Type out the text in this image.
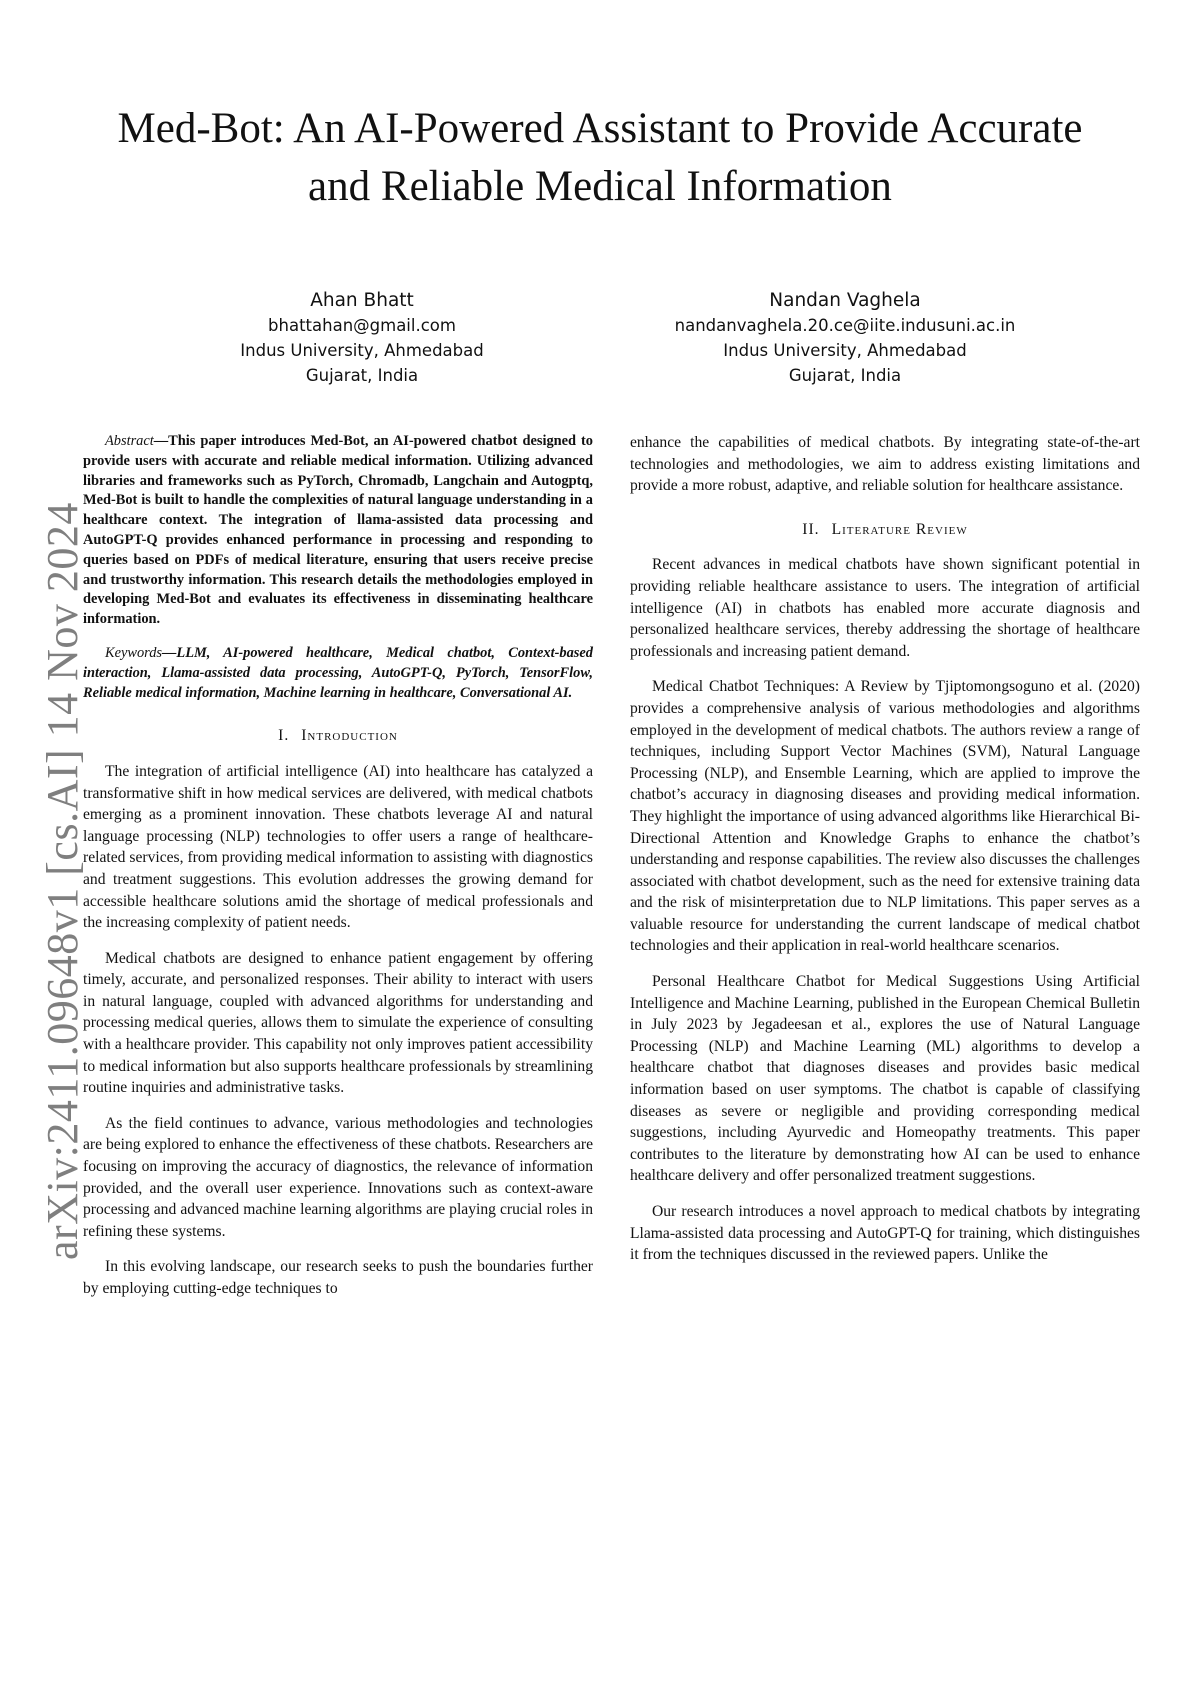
Med-Bot: An AI-Powered Assistant to Provide Accurate and Reliable Medical Information
Ahan Bhatt
bhattahan@gmail.com
Indus University, Ahmedabad
Gujarat, India
Nandan Vaghela
nandanvaghela.20.ce@iite.indusuni.ac.in
Indus University, Ahmedabad
Gujarat, India
arXiv:2411.09648v1 [cs.AI] 14 Nov 2024

Abstract—This paper introduces Med-Bot, an AI-powered chatbot designed to provide users with accurate and reliable medical information. Utilizing advanced libraries and frameworks such as PyTorch, Chromadb, Langchain and Autogptq, Med-Bot is built to handle the complexities of natural language understanding in a healthcare context. The integration of llama-assisted data processing and AutoGPT-Q provides enhanced performance in processing and responding to queries based on PDFs of medical literature, ensuring that users receive precise and trustworthy information. This research details the methodologies employed in developing Med-Bot and evaluates its effectiveness in disseminating healthcare information.

Keywords—LLM, AI-powered healthcare, Medical chatbot, Context-based interaction, Llama-assisted data processing, AutoGPT-Q, PyTorch, TensorFlow, Reliable medical information, Machine learning in healthcare, Conversational AI.

I. Introduction

The integration of artificial intelligence (AI) into healthcare has catalyzed a transformative shift in how medical services are delivered, with medical chatbots emerging as a prominent innovation. These chatbots leverage AI and natural language processing (NLP) technologies to offer users a range of healthcare-related services, from providing medical information to assisting with diagnostics and treatment suggestions. This evolution addresses the growing demand for accessible healthcare solutions amid the shortage of medical professionals and the increasing complexity of patient needs.

Medical chatbots are designed to enhance patient engagement by offering timely, accurate, and personalized responses. Their ability to interact with users in natural language, coupled with advanced algorithms for understanding and processing medical queries, allows them to simulate the experience of consulting with a healthcare provider. This capability not only improves patient accessibility to medical information but also supports healthcare professionals by streamlining routine inquiries and administrative tasks.

As the field continues to advance, various methodologies and technologies are being explored to enhance the effectiveness of these chatbots. Researchers are focusing on improving the accuracy of diagnostics, the relevance of information provided, and the overall user experience. Innovations such as context-aware processing and advanced machine learning algorithms are playing crucial roles in refining these systems.

In this evolving landscape, our research seeks to push the boundaries further by employing cutting-edge techniques to

enhance the capabilities of medical chatbots. By integrating state-of-the-art technologies and methodologies, we aim to address existing limitations and provide a more robust, adaptive, and reliable solution for healthcare assistance.

II. Literature Review

Recent advances in medical chatbots have shown significant potential in providing reliable healthcare assistance to users. The integration of artificial intelligence (AI) in chatbots has enabled more accurate diagnosis and personalized healthcare services, thereby addressing the shortage of healthcare professionals and increasing patient demand.

Medical Chatbot Techniques: A Review by Tjiptomongsoguno et al. (2020) provides a comprehensive analysis of various methodologies and algorithms employed in the development of medical chatbots. The authors review a range of techniques, including Support Vector Machines (SVM), Natural Language Processing (NLP), and Ensemble Learning, which are applied to improve the chatbot’s accuracy in diagnosing diseases and providing medical information. They highlight the importance of using advanced algorithms like Hierarchical Bi-Directional Attention and Knowledge Graphs to enhance the chatbot’s understanding and response capabilities. The review also discusses the challenges associated with chatbot development, such as the need for extensive training data and the risk of misinterpretation due to NLP limitations. This paper serves as a valuable resource for understanding the current landscape of medical chatbot technologies and their application in real-world healthcare scenarios.

Personal Healthcare Chatbot for Medical Suggestions Using Artificial Intelligence and Machine Learning, published in the European Chemical Bulletin in July 2023 by Jegadeesan et al., explores the use of Natural Language Processing (NLP) and Machine Learning (ML) algorithms to develop a healthcare chatbot that diagnoses diseases and provides basic medical information based on user symptoms. The chatbot is capable of classifying diseases as severe or negligible and providing corresponding medical suggestions, including Ayurvedic and Homeopathy treatments. This paper contributes to the literature by demonstrating how AI can be used to enhance healthcare delivery and offer personalized treatment suggestions.

Our research introduces a novel approach to medical chatbots by integrating Llama-assisted data processing and AutoGPT-Q for training, which distinguishes it from the techniques discussed in the reviewed papers. Unlike the
